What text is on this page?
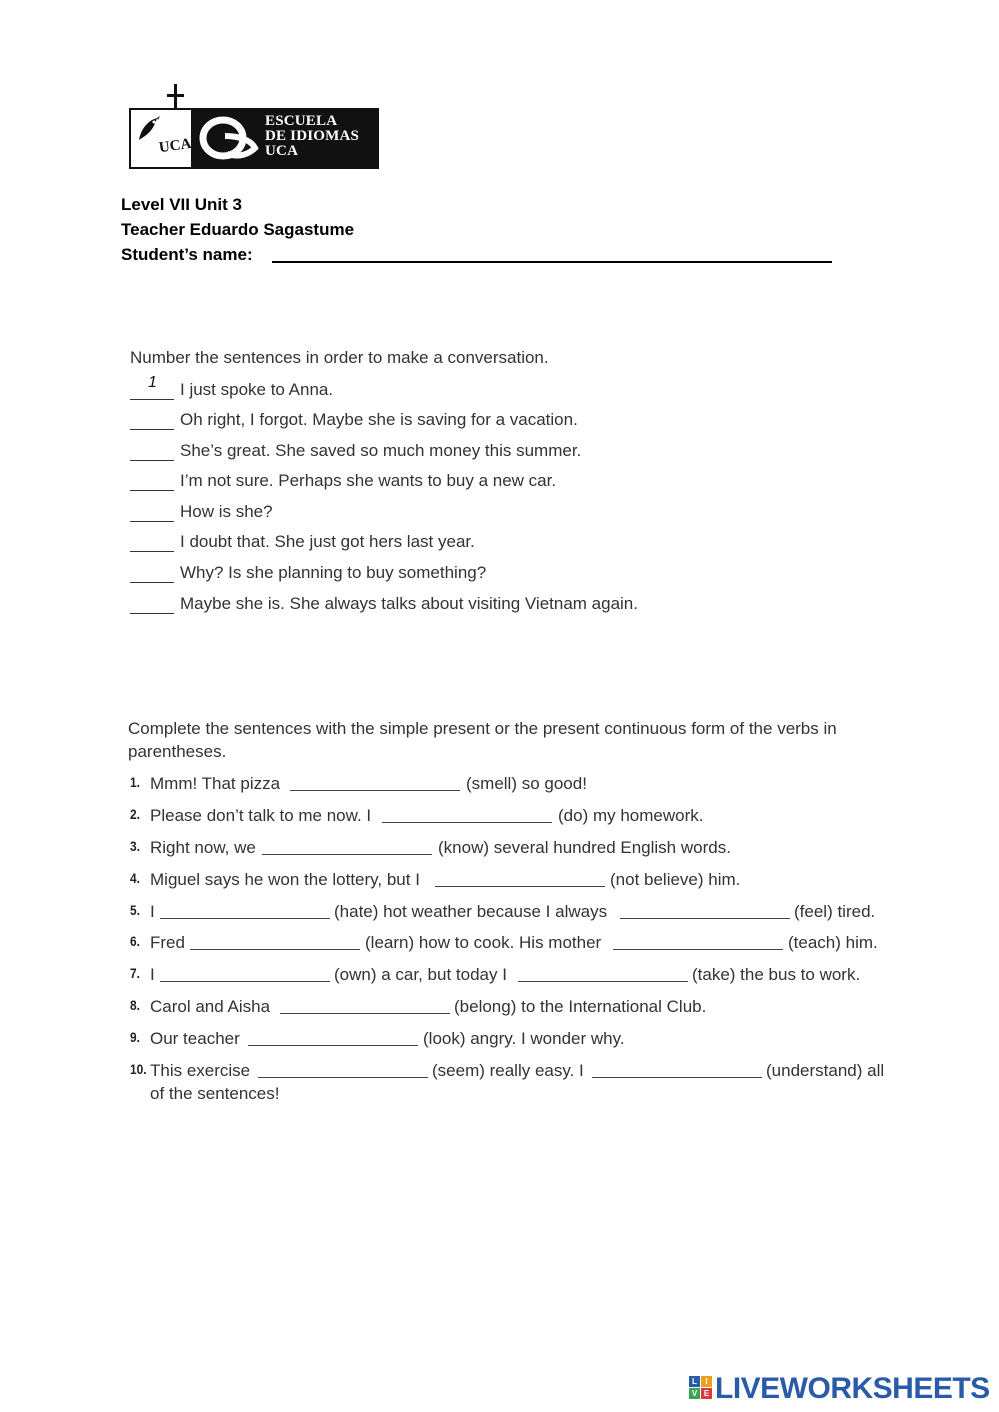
UCA
ESCUELA
DE IDIOMAS
UCA
Level VII Unit 3
Teacher Eduardo Sagastume
Student’s name:
Number the sentences in order to make a conversation.
1 I just spoke to Anna.
Oh right, I forgot. Maybe she is saving for a vacation.
She’s great. She saved so much money this summer.
I’m not sure. Perhaps she wants to buy a new car.
How is she?
I doubt that. She just got hers last year.
Why? Is she planning to buy something?
Maybe she is. She always talks about visiting Vietnam again.
Complete the sentences with the simple present or the present continuous form of the verbs in
parentheses.
1. Mmm! That pizza	(smell) so good!
2. Please don’t talk to me now. I	(do) my homework.
3. Right now, we	(know) several hundred English words.
4. Miguel says he won the lottery, but I	(not believe) him.
5. I	(hate) hot weather because I always	(feel) tired.
6. Fred	(learn) how to cook. His mother	(teach) him.
7. I	(own) a car, but today I	(take) the bus to work.
8. Carol and Aisha	(belong) to the International Club.
9. Our teacher	(look) angry. I wonder why.
10. This exercise	(seem) really easy. I	(understand) all
of the sentences!
L	I
V E LIVEWORKSHEETS
